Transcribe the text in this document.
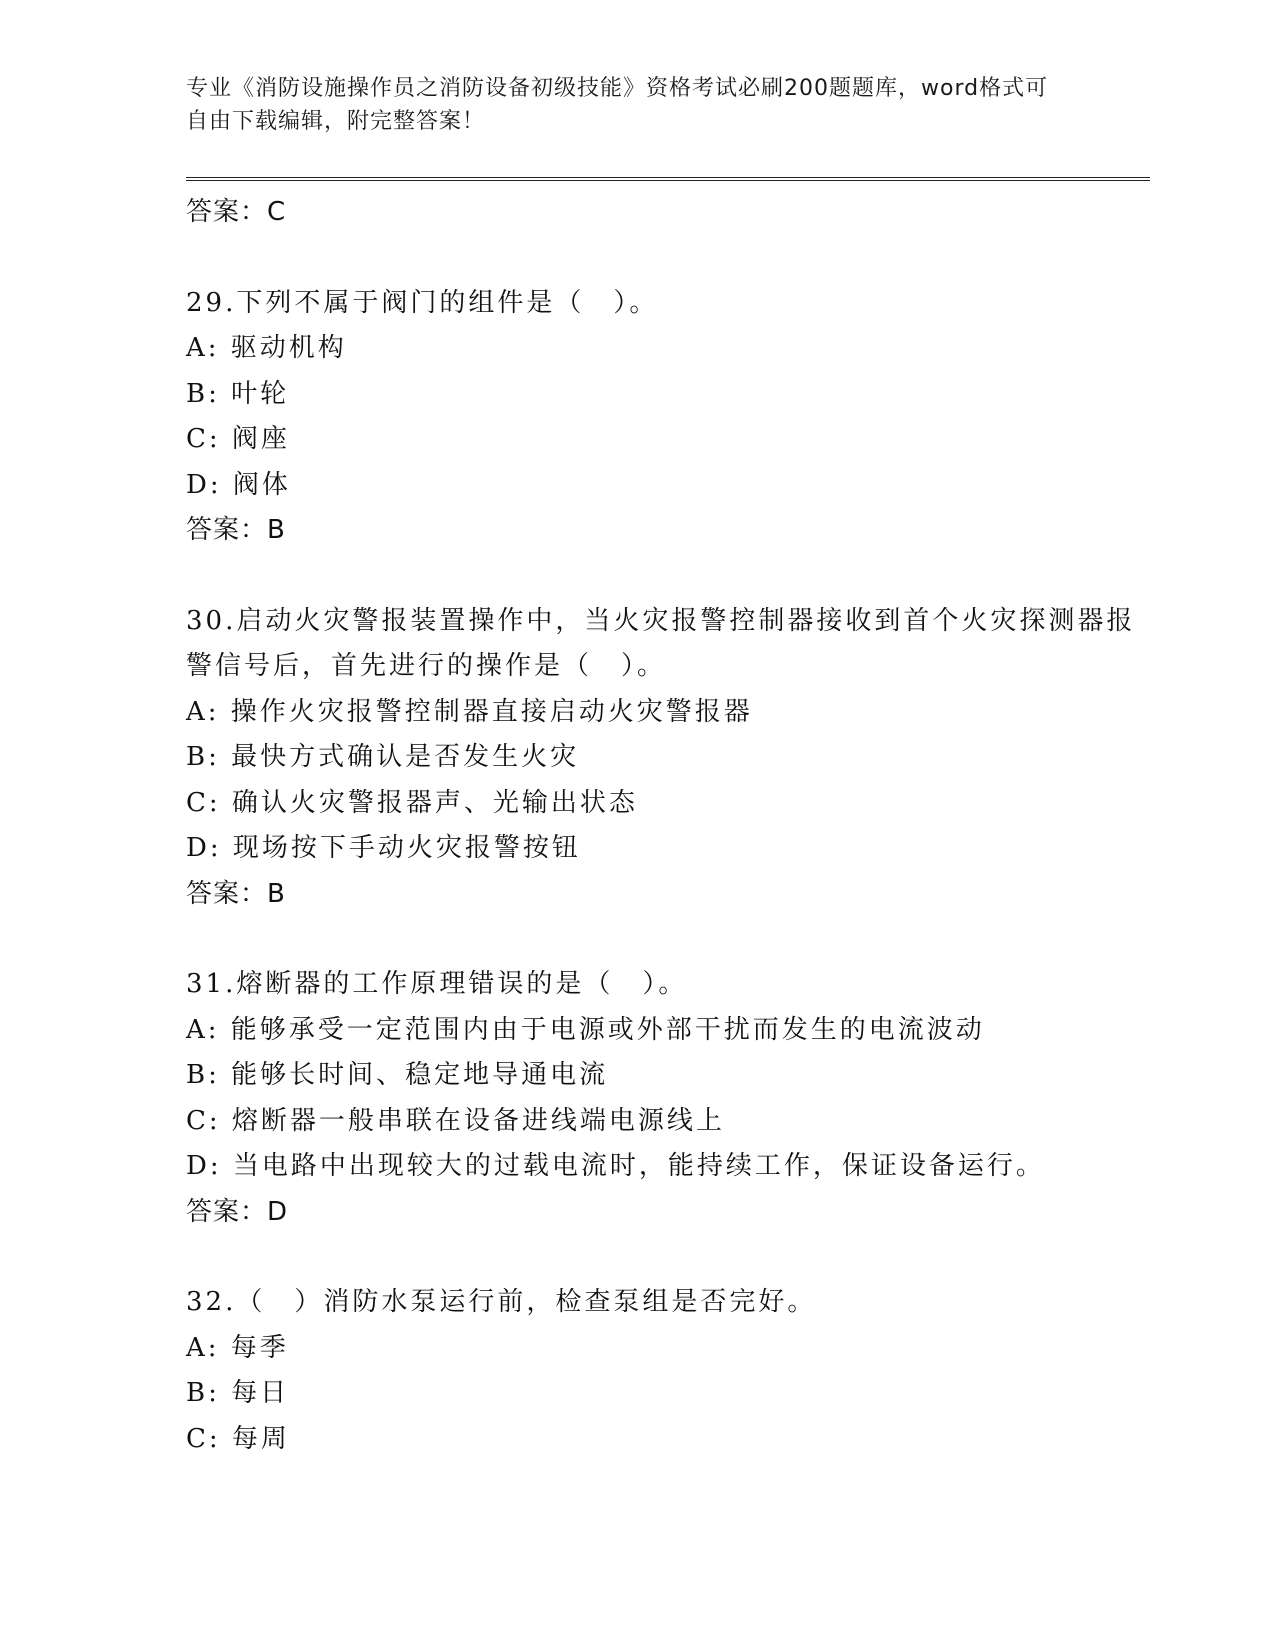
专业《消防设施操作员之消防设备初级技能》资格考试必刷200题题库，word格式可自由下载编辑，附完整答案！
答案：C
29.下列不属于阀门的组件是（　）。
A: 驱动机构
B: 叶轮
C: 阀座
D: 阀体
答案：B
30.启动火灾警报装置操作中，当火灾报警控制器接收到首个火灾探测器报警信号后，首先进行的操作是（　）。
A: 操作火灾报警控制器直接启动火灾警报器
B: 最快方式确认是否发生火灾
C: 确认火灾警报器声、光输出状态
D: 现场按下手动火灾报警按钮
答案：B
31.熔断器的工作原理错误的是（　）。
A: 能够承受一定范围内由于电源或外部干扰而发生的电流波动
B: 能够长时间、稳定地导通电流
C: 熔断器一般串联在设备进线端电源线上
D: 当电路中出现较大的过载电流时，能持续工作，保证设备运行。
答案：D
32.（　）消防水泵运行前，检查泵组是否完好。
A: 每季
B: 每日
C: 每周
